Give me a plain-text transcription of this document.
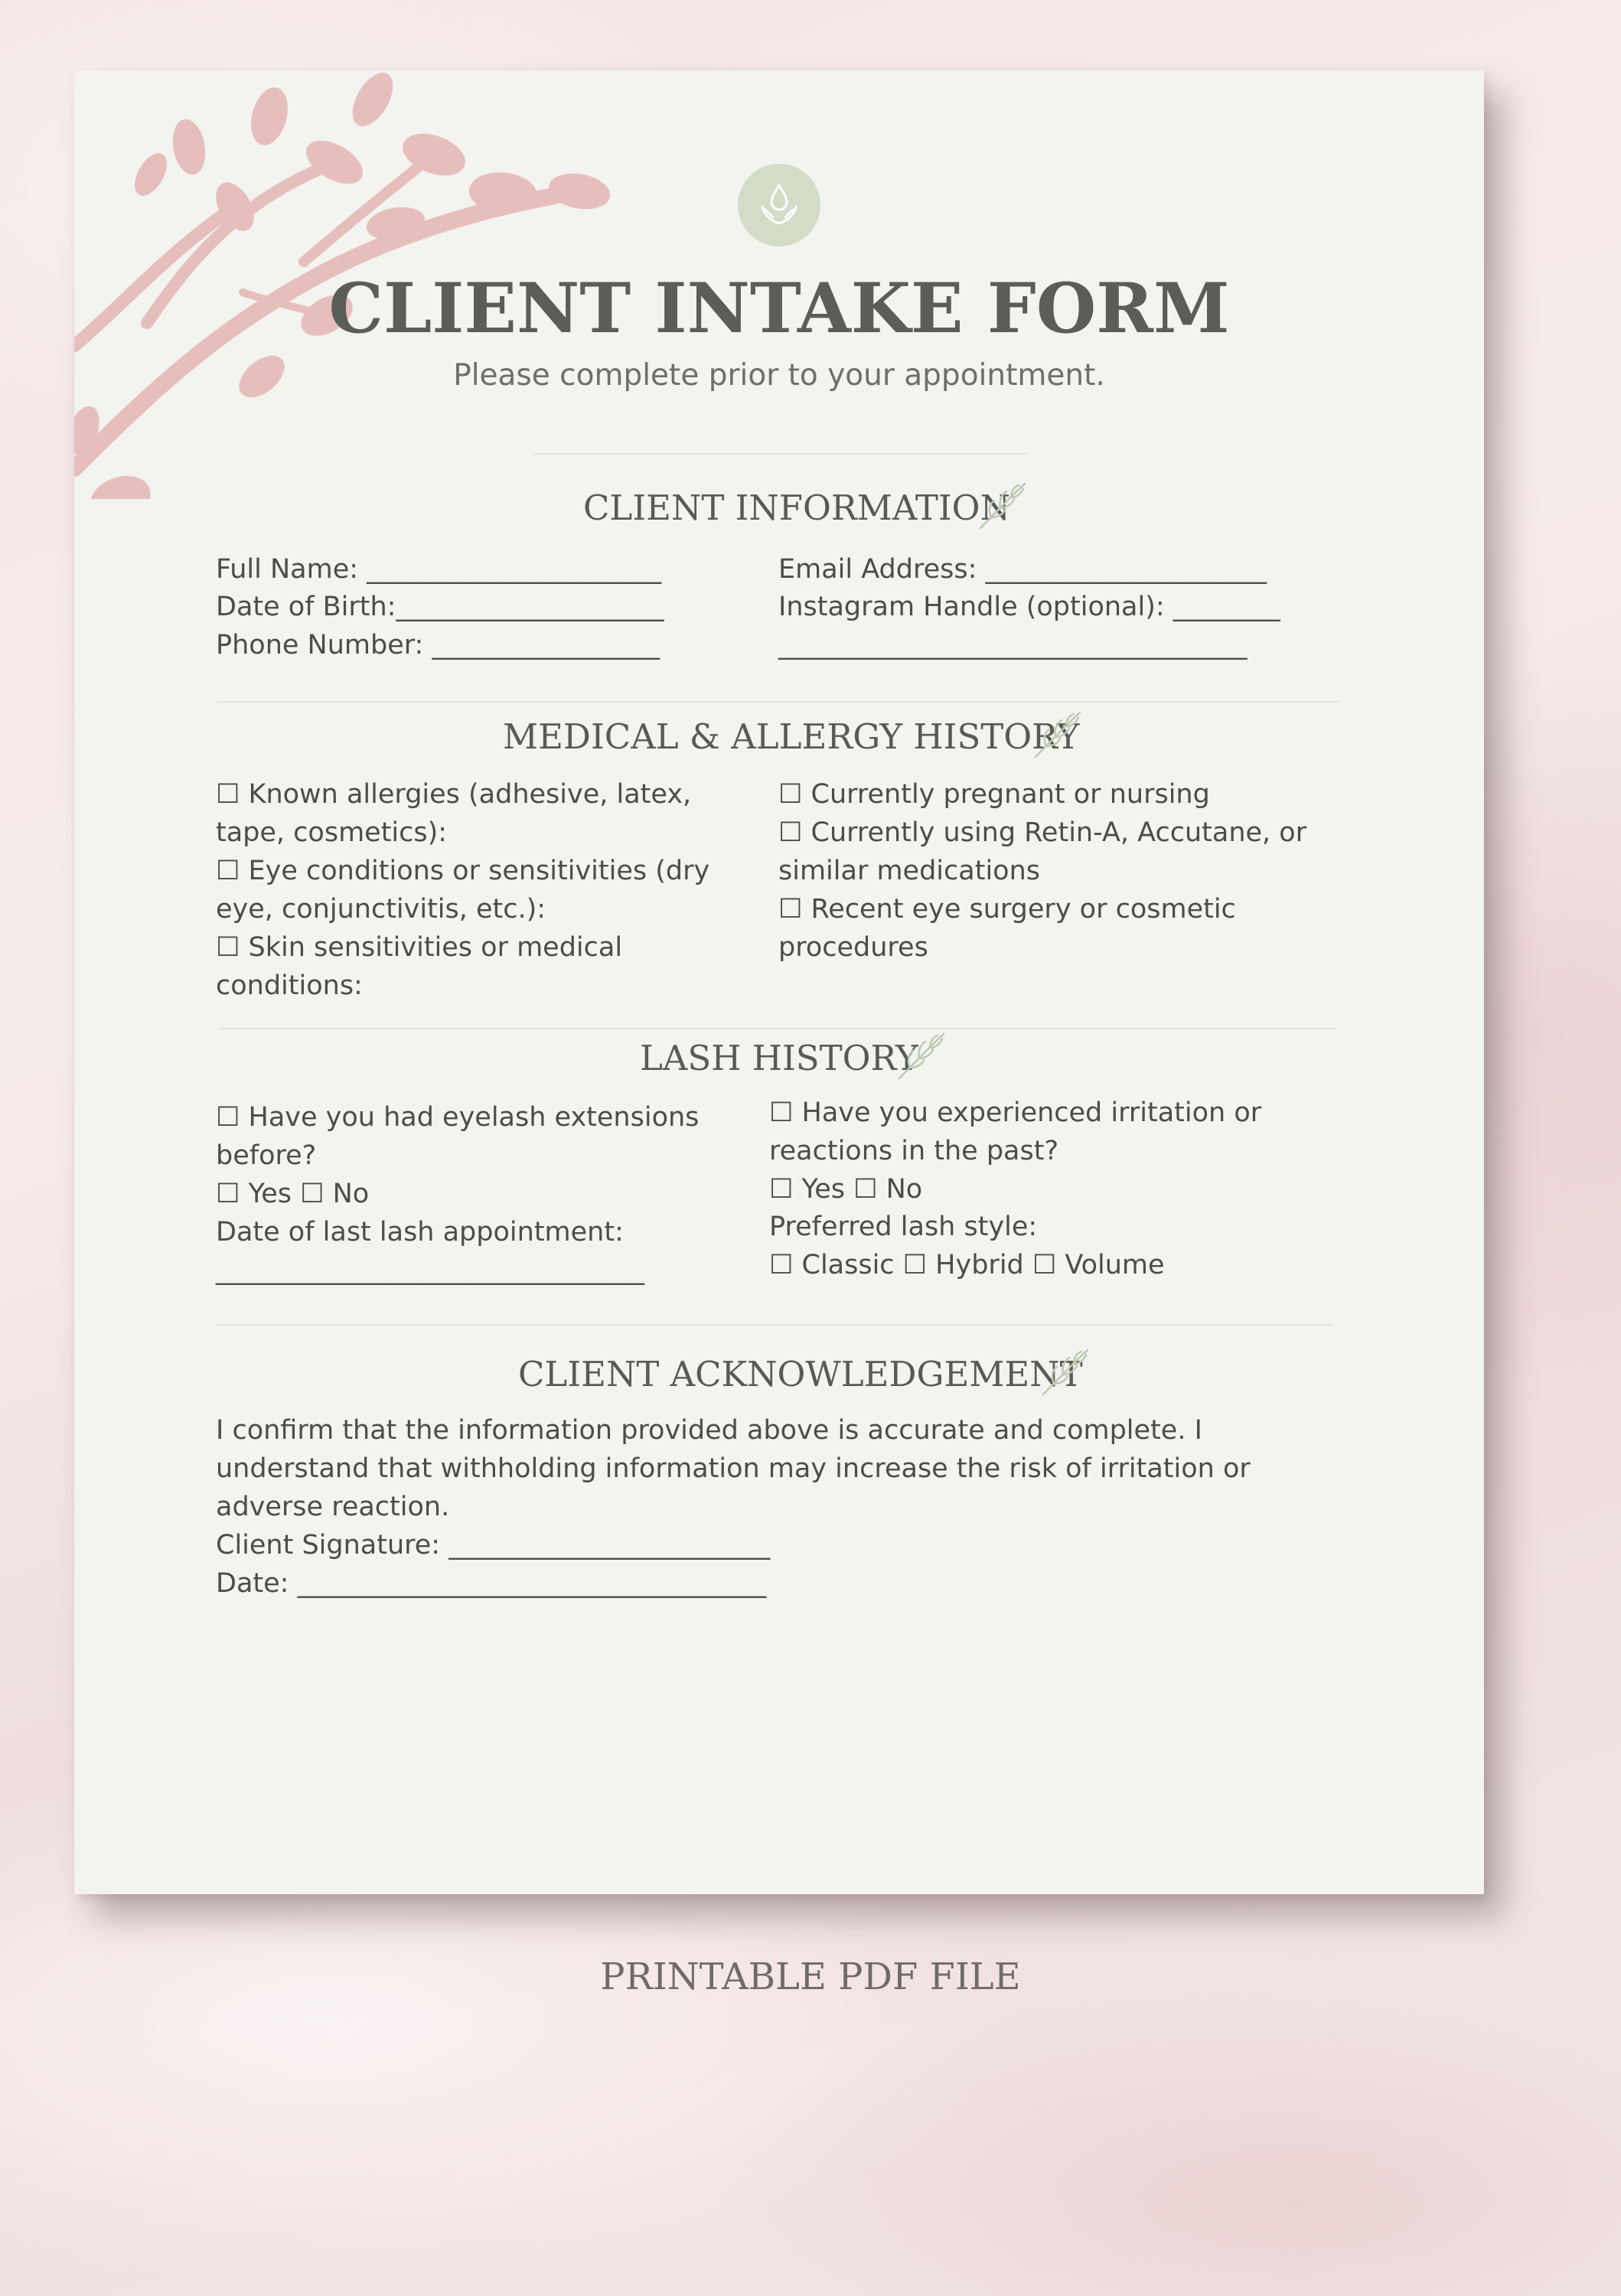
CLIENT INTAKE FORM
Please complete prior to your appointment.
CLIENT INFORMATION
Full Name: ______________________
Date of Birth:____________________
Phone Number: _________________
Email Address: _____________________
Instagram Handle (optional): ________
___________________________________
MEDICAL & ALLERGY HISTORY
☐ Known allergies (adhesive, latex, tape, cosmetics):
☐ Eye conditions or sensitivities (dry eye, conjunctivitis, etc.):
☐ Skin sensitivities or medical conditions:
☐ Currently pregnant or nursing
☐ Currently using Retin-A, Accutane, or similar medications
☐ Recent eye surgery or cosmetic procedures
LASH HISTORY
☐ Have you had eyelash extensions before?
☐ Yes ☐ No
Date of last lash appointment:
________________________________
☐ Have you experienced irritation or reactions in the past?
☐ Yes ☐ No
Preferred lash style:
☐ Classic ☐ Hybrid ☐ Volume
CLIENT ACKNOWLEDGEMENT
I confirm that the information provided above is accurate and complete. I understand that withholding information may increase the risk of irritation or adverse reaction.
Client Signature: ________________________
Date: ___________________________________
PRINTABLE PDF FILE
